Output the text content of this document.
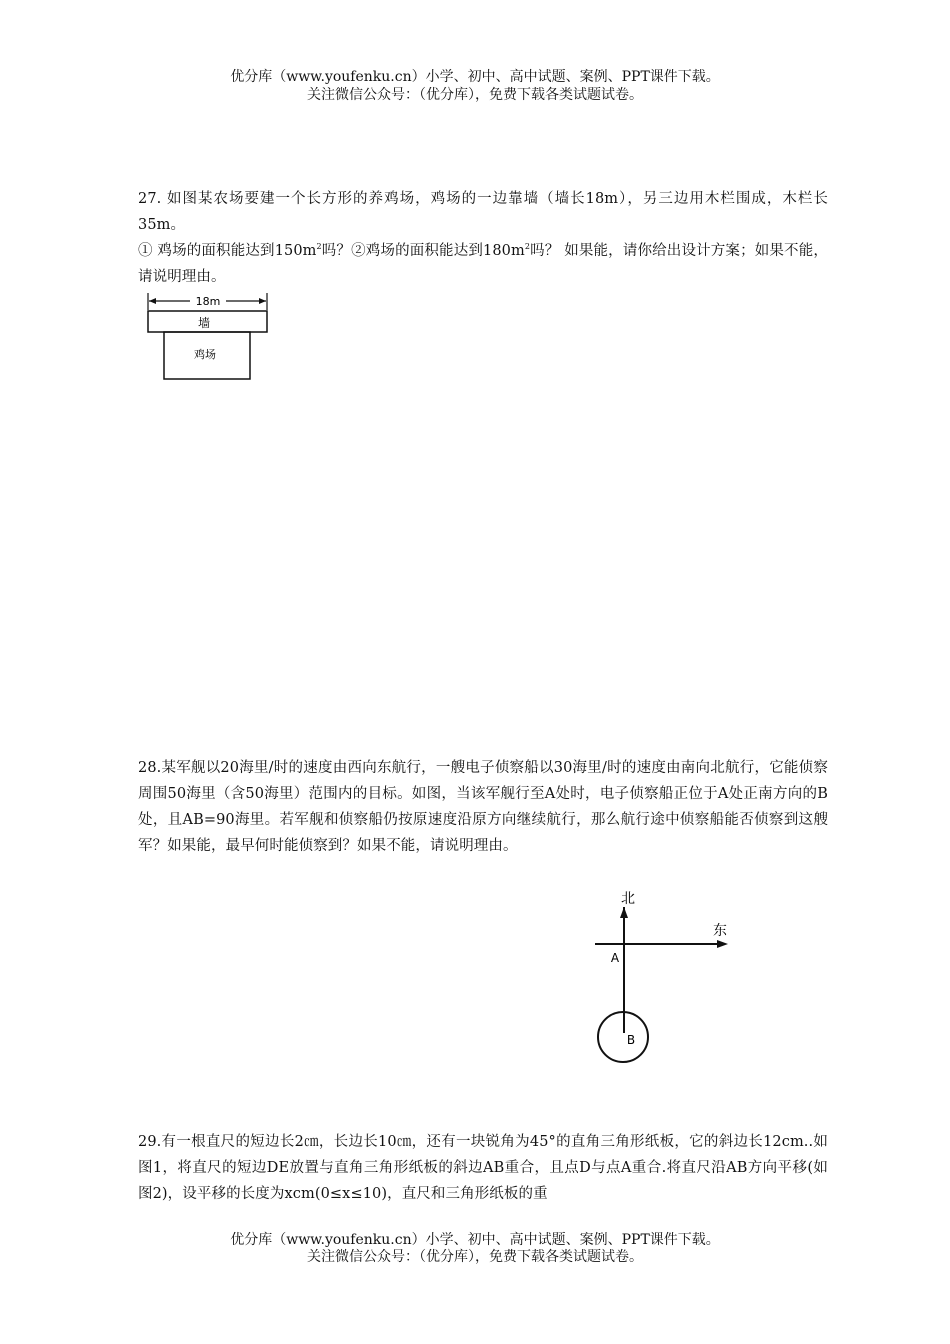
优分库（www.youfenku.cn）小学、初中、高中试题、案例、PPT课件下载。
关注微信公众号：（优分库），免费下载各类试题试卷。

27. 如图某农场要建一个长方形的养鸡场，鸡场的一边靠墙（墙长18m），另三边用木栏围成，木栏长35m。

① 鸡场的面积能达到$150m^2$吗？②鸡场的面积能达到$180m^2$吗？ 如果能，请你给出设计方案；如果不能，请说明理由。

18m
墙
鸡场

28.某军舰以20海里/时的速度由西向东航行，一艘电子侦察船以30海里/时的速度由南向北航行，它能侦察周围50海里（含50海里）范围内的目标。如图，当该军舰行至A处时，电子侦察船正位于A处正南方向的B处，且AB=90海里。若军舰和侦察船仍按原速度沿原方向继续航行，那么航行途中侦察船能否侦察到这艘军？如果能，最早何时能侦察到？如果不能，请说明理由。

北
东
A
B

29.有一根直尺的短边长2㎝，长边长10㎝，还有一块锐角为45°的直角三角形纸板，它的斜边长12cm..如图1，将直尺的短边DE放置与直角三角形纸板的斜边AB重合，且点D与点A重合.将直尺沿AB方向平移(如图2)，设平移的长度为xcm(0≤x≤10)，直尺和三角形纸板的重

优分库（www.youfenku.cn）小学、初中、高中试题、案例、PPT课件下载。
关注微信公众号：（优分库），免费下载各类试题试卷。
